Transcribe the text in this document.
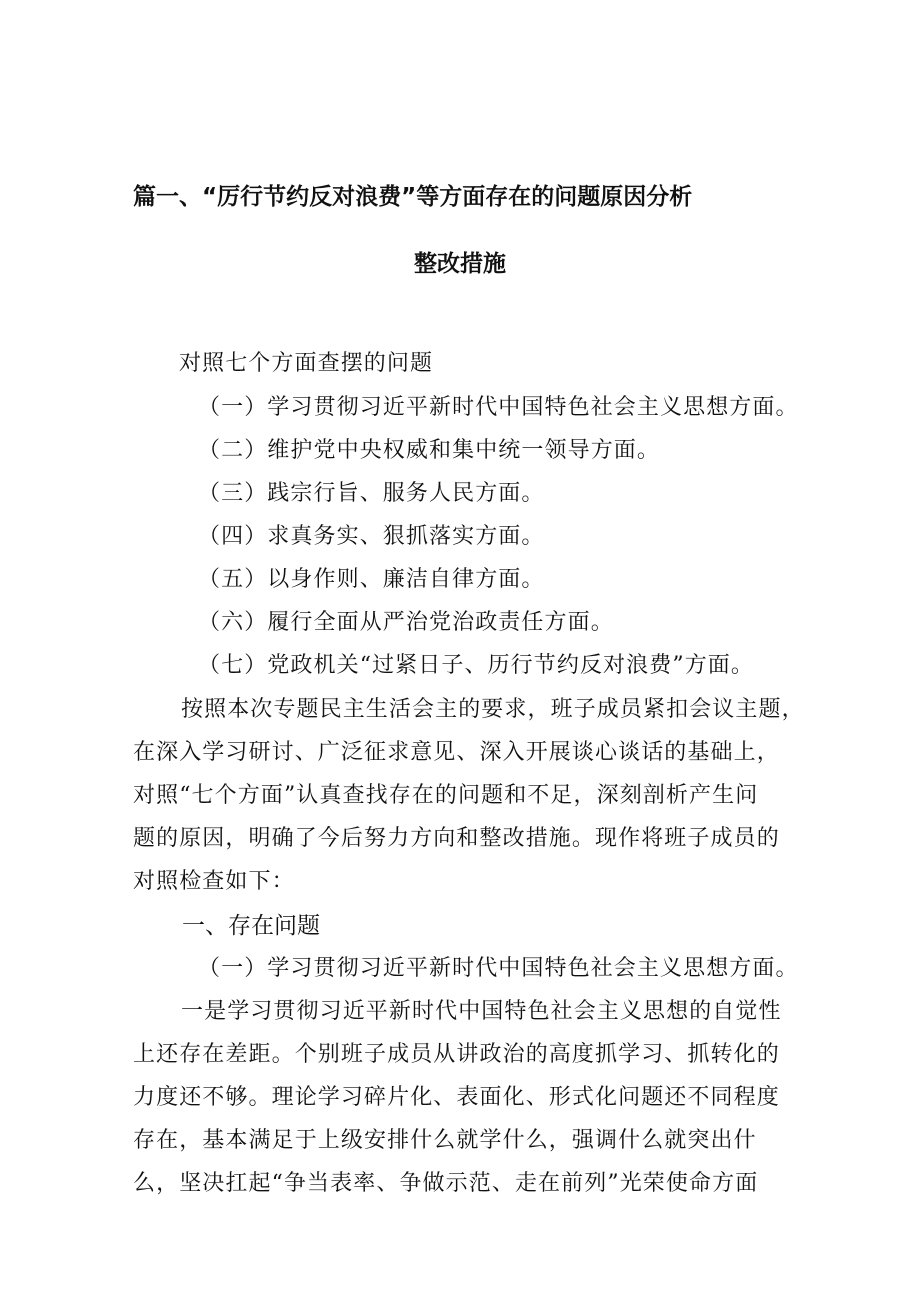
篇一、“厉行节约反对浪费”等方面存在的问题原因分析
整改措施
对照七个方面查摆的问题
（一）学习贯彻习近平新时代中国特色社会主义思想方面。
（二）维护党中央权威和集中统一领导方面。
（三）践宗行旨、服务人民方面。
（四）求真务实、狠抓落实方面。
（五）以身作则、廉洁自律方面。
（六）履行全面从严治党治政责任方面。
（七）党政机关“过紧日子、历行节约反对浪费”方面。
按照本次专题民主生活会主的要求，班子成员紧扣会议主题，
在深入学习研讨、广泛征求意见、深入开展谈心谈话的基础上，
对照“七个方面”认真查找存在的问题和不足，深刻剖析产生问
题的原因，明确了今后努力方向和整改措施。现作将班子成员的
对照检查如下：
一、存在问题
（一）学习贯彻习近平新时代中国特色社会主义思想方面。
一是学习贯彻习近平新时代中国特色社会主义思想的自觉性
上还存在差距。个别班子成员从讲政治的高度抓学习、抓转化的
力度还不够。理论学习碎片化、表面化、形式化问题还不同程度
存在，基本满足于上级安排什么就学什么，强调什么就突出什
么，坚决扛起“争当表率、争做示范、走在前列”光荣使命方面
